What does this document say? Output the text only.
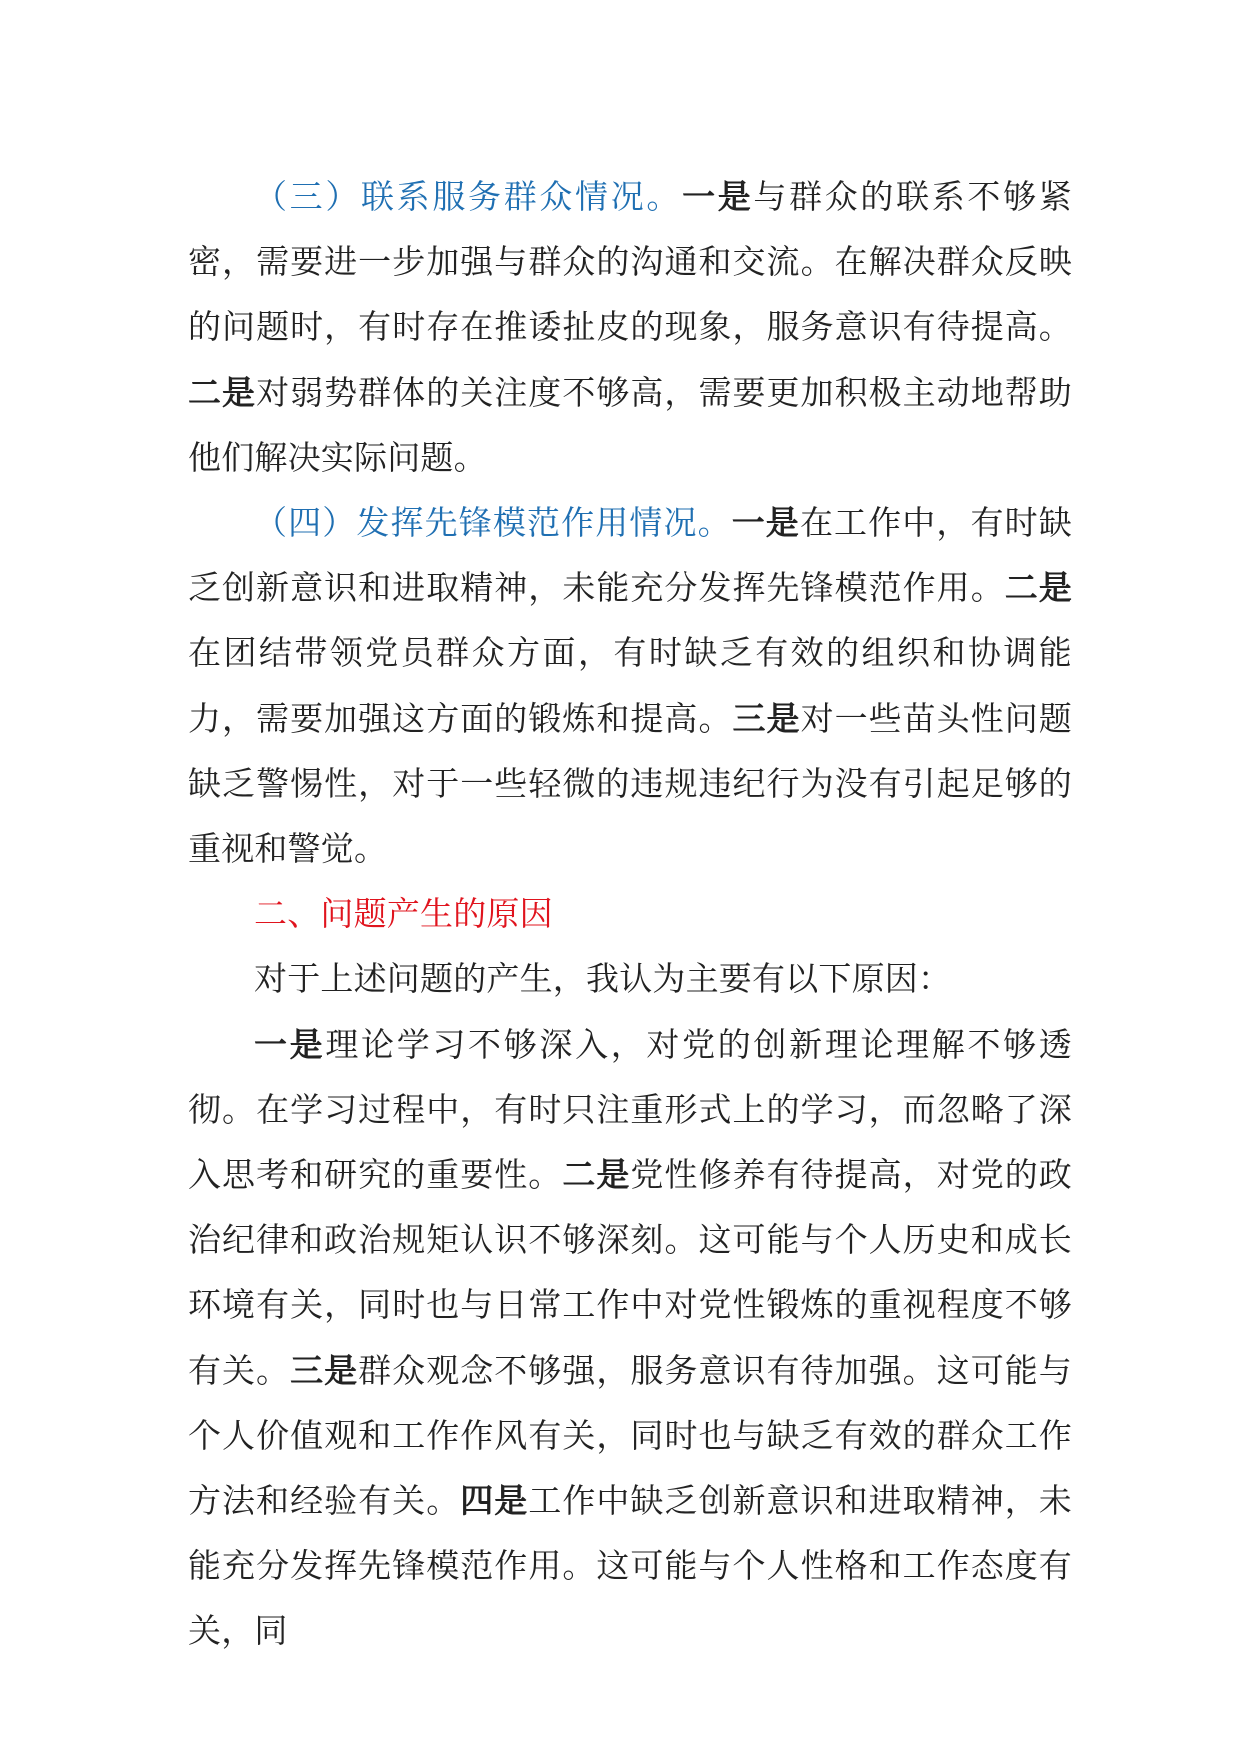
（三）联系服务群众情况。一是与群众的联系不够紧密，需要进一步加强与群众的沟通和交流。在解决群众反映的问题时，有时存在推诿扯皮的现象，服务意识有待提高。二是对弱势群体的关注度不够高，需要更加积极主动地帮助他们解决实际问题。

（四）发挥先锋模范作用情况。一是在工作中，有时缺乏创新意识和进取精神，未能充分发挥先锋模范作用。二是在团结带领党员群众方面，有时缺乏有效的组织和协调能力，需要加强这方面的锻炼和提高。三是对一些苗头性问题缺乏警惕性，对于一些轻微的违规违纪行为没有引起足够的重视和警觉。

二、问题产生的原因

对于上述问题的产生，我认为主要有以下原因：

一是理论学习不够深入，对党的创新理论理解不够透彻。在学习过程中，有时只注重形式上的学习，而忽略了深入思考和研究的重要性。二是党性修养有待提高，对党的政治纪律和政治规矩认识不够深刻。这可能与个人历史和成长环境有关，同时也与日常工作中对党性锻炼的重视程度不够有关。三是群众观念不够强，服务意识有待加强。这可能与个人价值观和工作作风有关，同时也与缺乏有效的群众工作方法和经验有关。四是工作中缺乏创新意识和进取精神，未能充分发挥先锋模范作用。这可能与个人性格和工作态度有关，同
